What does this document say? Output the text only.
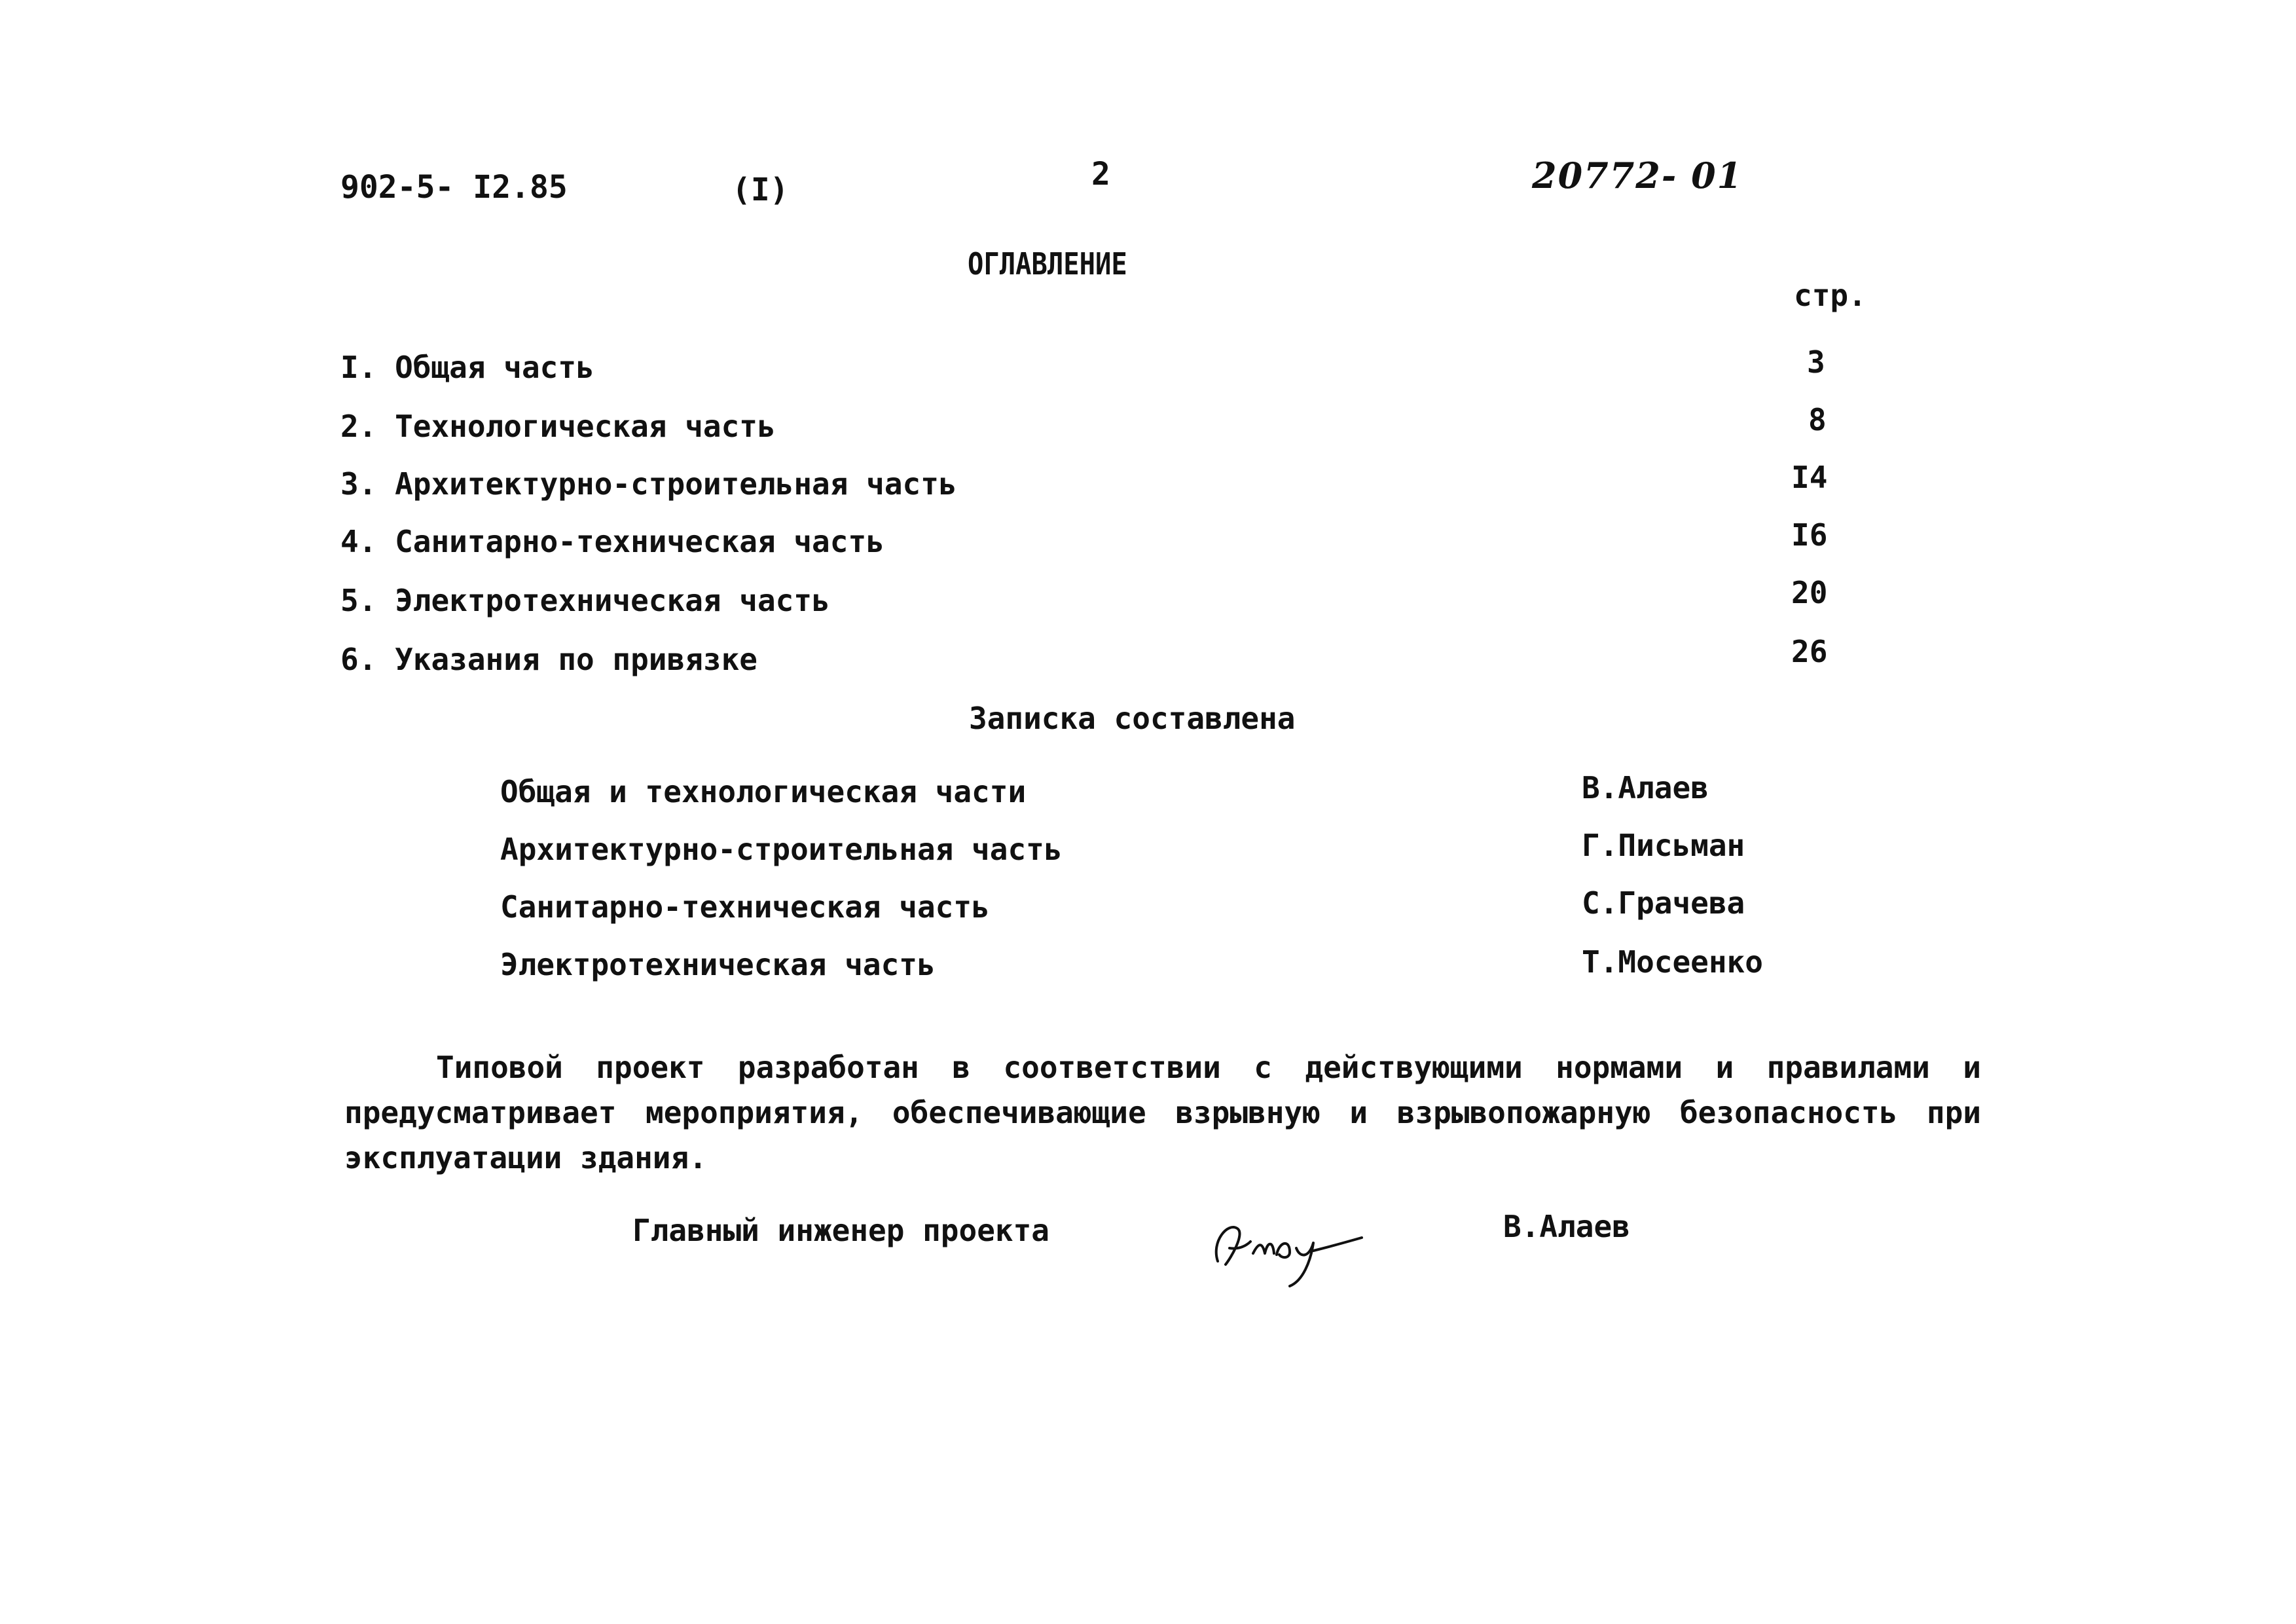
902-5- I2.85	(I)	2	20772- 01
ОГЛАВЛЕНИЕ
стр.
I. Общая часть	3
2. Технологическая часть	8
3. Архитектурно-строительная часть	I4
4. Санитарно-техническая часть	I6
5. Электротехническая часть	20
6. Указания по привязке	26
Записка составлена
Общая и технологическая части	В.Алаев
Архитектурно-строительная часть	Г.Письман
Санитарно-техническая часть	С.Грачева
Электротехническая часть	Т.Мосеенко
Типовой проект разработан в соответствии с действующими нормами и правилами и предусматривает мероприятия, обеспечивающие взрывную и взрывопожарную безопасность при эксплуатации здания.
Главный инженер проекта	В.Алаев
